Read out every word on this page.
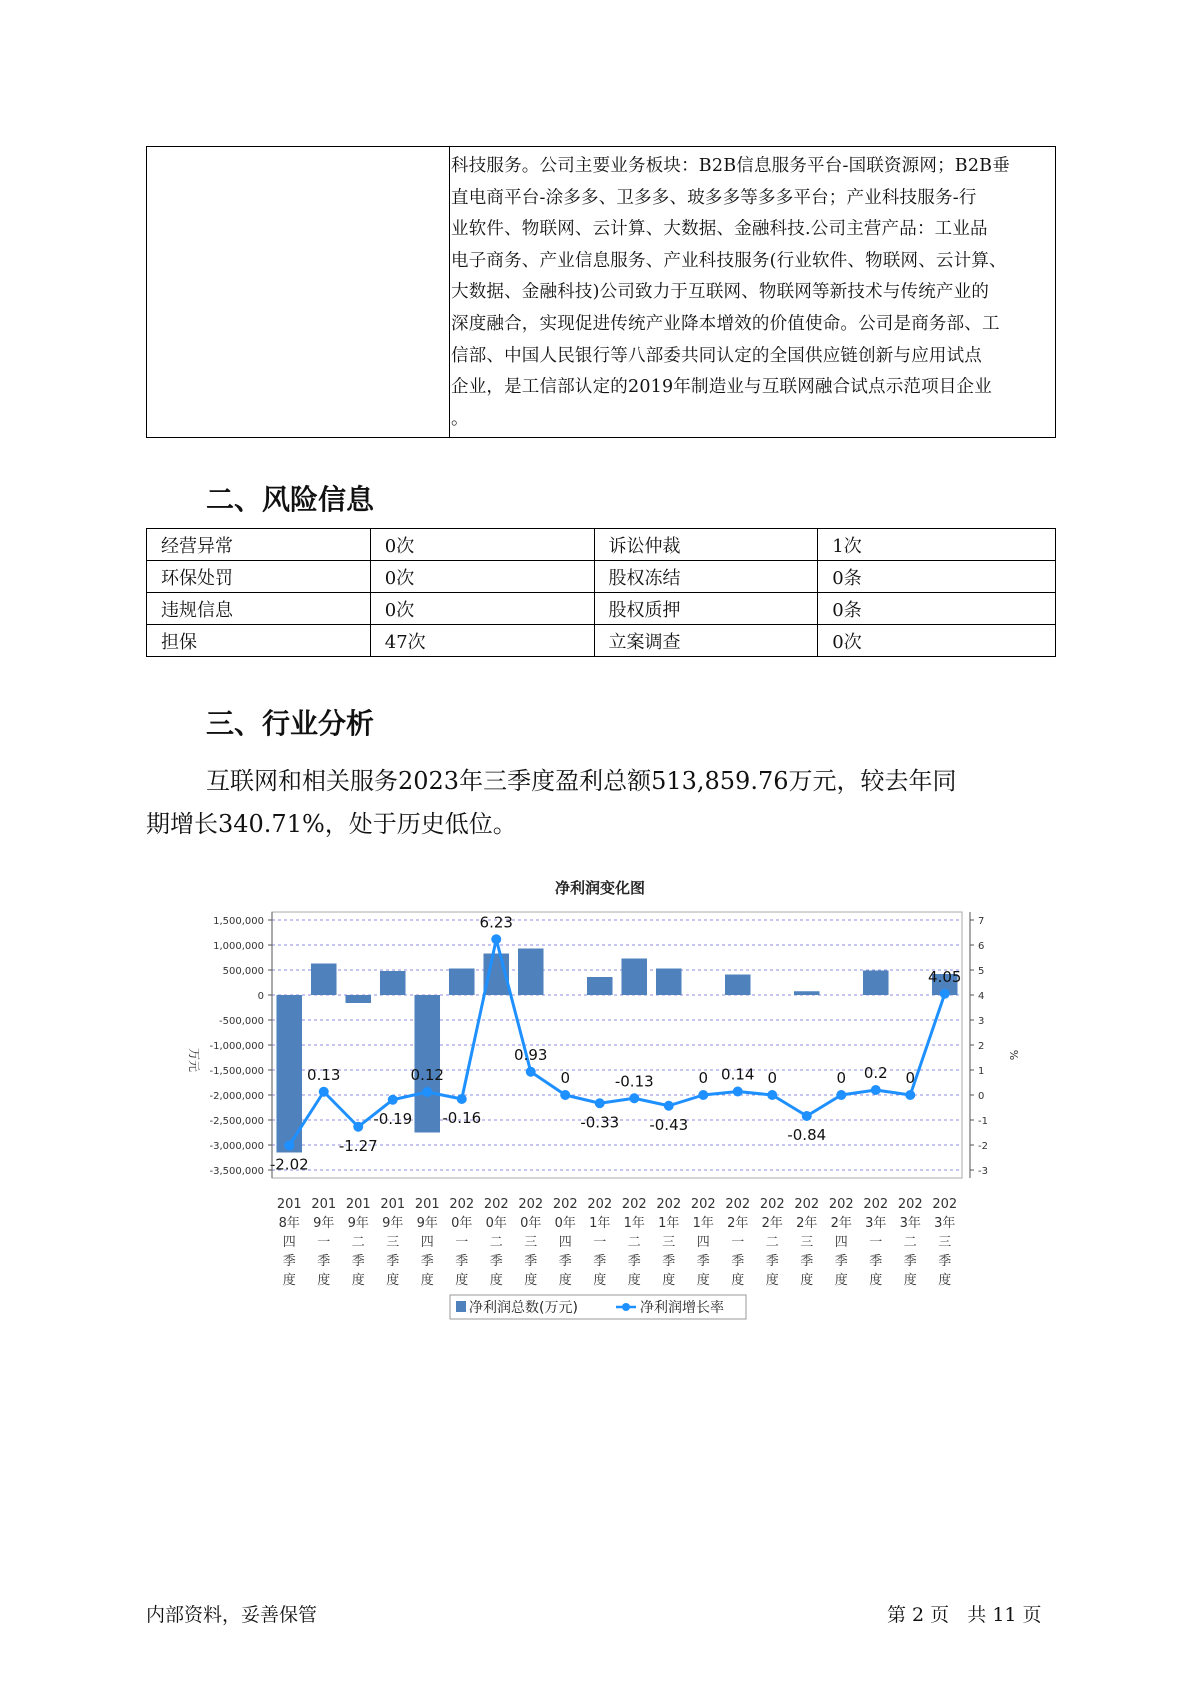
科技服务。公司主要业务板块：B2B信息服务平台-国联资源网；B2B垂
直电商平台-涂多多、卫多多、玻多多等多多平台；产业科技服务-行
业软件、物联网、云计算、大数据、金融科技.公司主营产品：工业品
电子商务、产业信息服务、产业科技服务(行业软件、物联网、云计算、
大数据、金融科技)公司致力于互联网、物联网等新技术与传统产业的
深度融合，实现促进传统产业降本增效的价值使命。公司是商务部、工
信部、中国人民银行等八部委共同认定的全国供应链创新与应用试点
企业，是工信部认定的2019年制造业与互联网融合试点示范项目企业
。
二、风险信息
经营异常	0次	诉讼仲裁	1次
环保处罚	0次	股权冻结	0条
违规信息	0次	股权质押	0条
担保	47次	立案调查	0次
三、行业分析
互联网和相关服务2023年三季度盈利总额513,859.76万元，较去年同
期增长340.71%，处于历史低位。
净利润变化图
-2.02
0.13
-1.27
-0.19
0.12
-0.16
6.23
0.93
0
-0.33
-0.13
-0.43
0 0.14 0
-0.84
0 0.2 0
4.05
1,500,000
1,000,000
500,000
0
-500,000
-1,000,000
-1,500,000
-2,000,000
-2,500,000
-3,000,000
-3,500,000
7
6
5
4
3
2
1
0
-1
-2
-3
201
8年
四
季
度
201
9年
一
季
度
201
9年
二
季
度
201
9年
三
季
度
201
9年
四
季
度
202
0年
一
季
度
202
0年
二
季
度
202
0年
三
季
度
202
0年
四
季
度
202
1年
一
季
度
202
1年
二
季
度
202
1年
三
季
度
202
1年
四
季
度
202
2年
一
季
度
202
2年
二
季
度
202
2年
三
季
度
202
2年
四
季
度
202
3年
一
季
度
202
3年
二
季
度
202
3年
三
季
度
万元	%
净利润总数(万元)	净利润增长率
内部资料，妥善保管	第 2 页   共 11 页
